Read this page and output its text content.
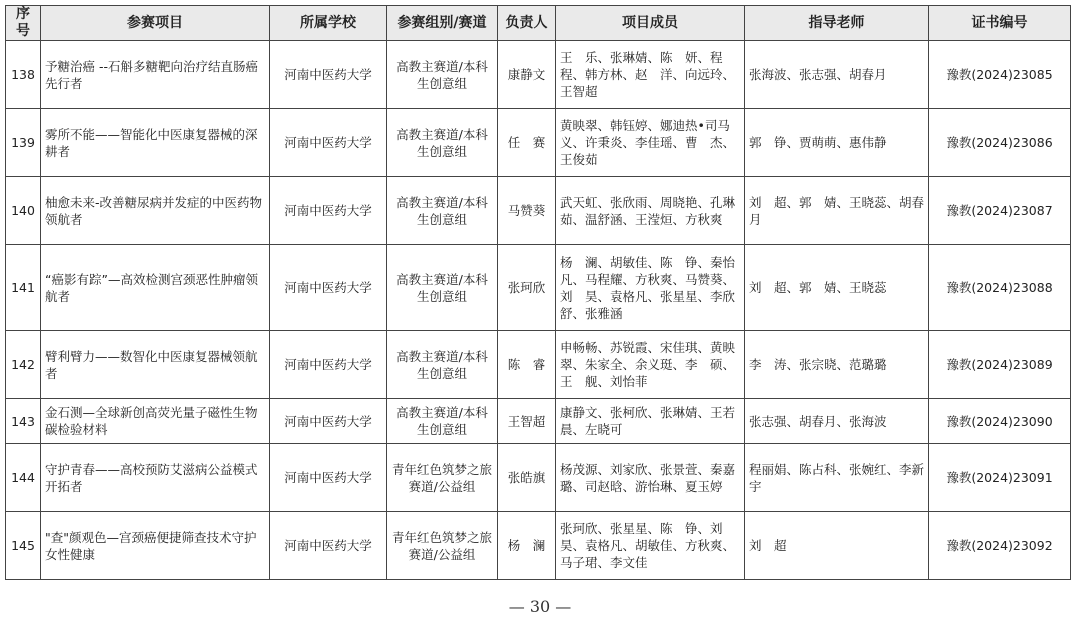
序号	参赛项目	所属学校	参赛组别/赛道	负责人	项目成员	指导老师	证书编号
138	予糖治癌 --石斛多糖靶向治疗结直肠癌先行者	河南中医药大学	高教主赛道/本科生创意组	康静文	王　乐、张琳婧、陈　妍、程　程、韩方林、赵　洋、向远玲、王智超	张海波、张志强、胡春月	豫教(2024)23085
139	雾所不能——智能化中医康复器械的深耕者	河南中医药大学	高教主赛道/本科生创意组	任　赛	黄映翠、韩钰婷、娜迪热•司马义、许秉炎、李佳瑶、曹　杰、王俊茹	郭　铮、贾萌萌、惠伟静	豫教(2024)23086
140	柚愈未来-改善糖尿病并发症的中医药物领航者	河南中医药大学	高教主赛道/本科生创意组	马赞葵	武天虹、张欣雨、周晓艳、孔琳茹、温舒涵、王滢烜、方秋爽	刘　超、郭　婧、王晓蕊、胡春月	豫教(2024)23087
141	“癌影有踪”—高效检测宫颈恶性肿瘤领航者	河南中医药大学	高教主赛道/本科生创意组	张珂欣	杨　澜、胡敏佳、陈　铮、秦怡凡、马程耀、方秋爽、马赞葵、刘　昊、袁格凡、张星星、李欣舒、张雅涵	刘　超、郭　婧、王晓蕊	豫教(2024)23088
142	臂利臂力——数智化中医康复器械领航者	河南中医药大学	高教主赛道/本科生创意组	陈　睿	申畅畅、苏锐霞、宋佳琪、黄映翠、朱家全、余义珽、李　硕、王　舰、刘怡菲	李　涛、张宗晓、范璐璐	豫教(2024)23089
143	金石测—全球新创高荧光量子磁性生物碳检验材料	河南中医药大学	高教主赛道/本科生创意组	王智超	康静文、张柯欣、张琳婧、王若晨、左晓可	张志强、胡春月、张海波	豫教(2024)23090
144	守护青春——高校预防艾滋病公益模式开拓者	河南中医药大学	青年红色筑梦之旅赛道/公益组	张皓旗	杨茂源、刘家欣、张景萱、秦嘉璐、司赵晗、游怡琳、夏玉婷	程丽娟、陈占科、张婉红、李新宇	豫教(2024)23091
145	"查"颜观色—宫颈癌便捷筛查技术守护女性健康	河南中医药大学	青年红色筑梦之旅赛道/公益组	杨　澜	张珂欣、张星星、陈　铮、刘　昊、袁格凡、胡敏佳、方秋爽、马子珺、李文佳	刘　超	豫教(2024)23092
— 30 —
